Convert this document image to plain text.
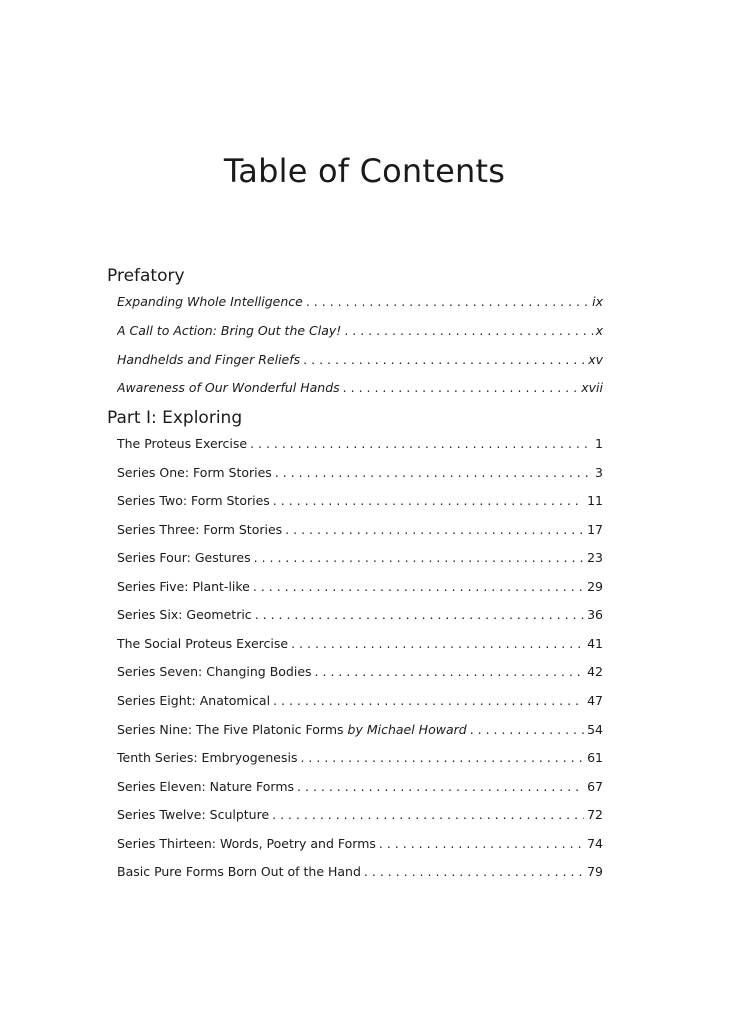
Table of Contents
Prefatory
Expanding Whole Intelligence . . .	ix
A Call to Action: Bring Out the Clay! . . .	x
Handhelds and Finger Reliefs . . .	xv
Awareness of Our Wonderful Hands . . .	xvii
Part I: Exploring
The Proteus Exercise . . .	1
Series One: Form Stories . . .	3
Series Two: Form Stories . . .	11
Series Three: Form Stories . . .	17
Series Four: Gestures . . .	23
Series Five: Plant-like . . .	29
Series Six: Geometric . . .	36
The Social Proteus Exercise . . .	41
Series Seven: Changing Bodies . . .	42
Series Eight: Anatomical . . .	47
Series Nine: The Five Platonic Forms by Michael Howard . . .	54
Tenth Series: Embryogenesis . . .	61
Series Eleven: Nature Forms . . .	67
Series Twelve: Sculpture . . .	72
Series Thirteen: Words, Poetry and Forms . . .	74
Basic Pure Forms Born Out of the Hand . . .	79
